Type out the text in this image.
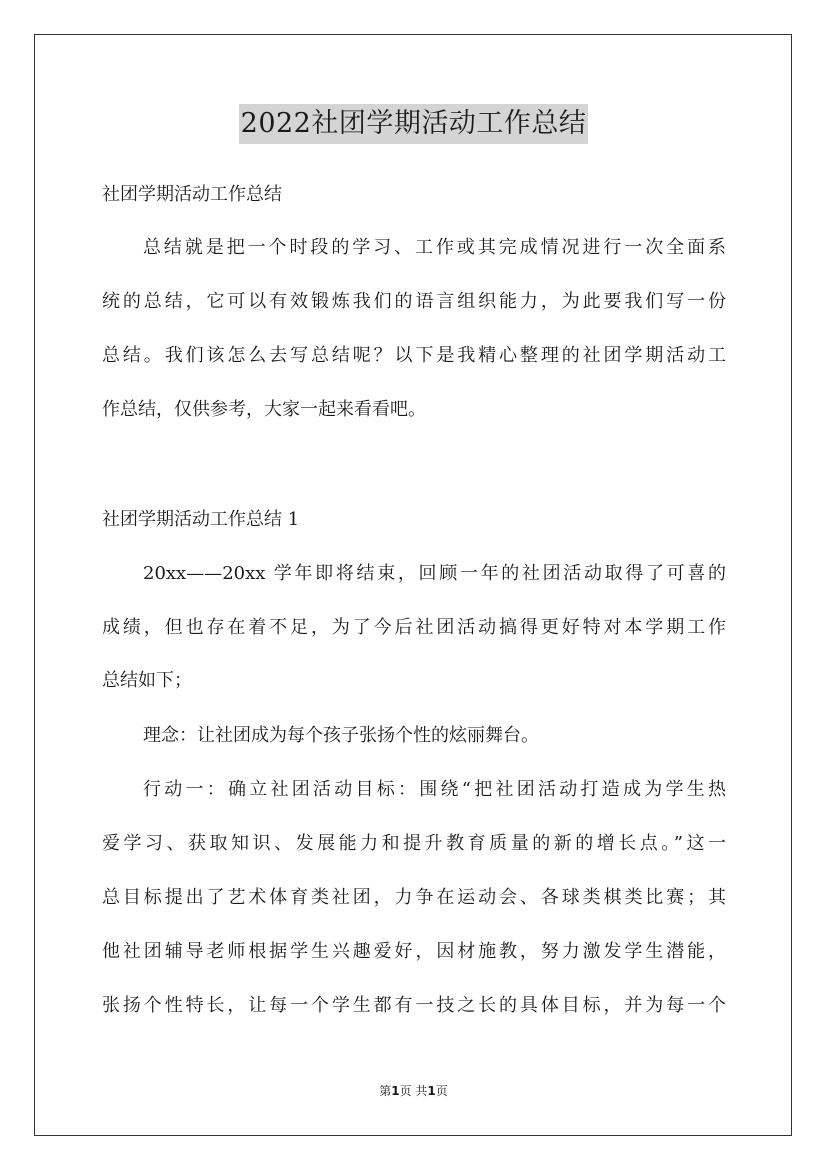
2022社团学期活动工作总结
社团学期活动工作总结
总结就是把一个时段的学习、工作或其完成情况进行一次全面系
统的总结，它可以有效锻炼我们的语言组织能力，为此要我们写一份
总结。我们该怎么去写总结呢？以下是我精心整理的社团学期活动工
作总结，仅供参考，大家一起来看看吧。
社团学期活动工作总结 1
20xx——20xx 学年即将结束，回顾一年的社团活动取得了可喜的
成绩，但也存在着不足，为了今后社团活动搞得更好特对本学期工作
总结如下；
理念：让社团成为每个孩子张扬个性的炫丽舞台。
行动一：确立社团活动目标：围绕“把社团活动打造成为学生热
爱学习、获取知识、发展能力和提升教育质量的新的增长点。”这一
总目标提出了艺术体育类社团，力争在运动会、各球类棋类比赛；其
他社团辅导老师根据学生兴趣爱好，因材施教，努力激发学生潜能，
张扬个性特长，让每一个学生都有一技之长的具体目标，并为每一个
第1页 共1页
